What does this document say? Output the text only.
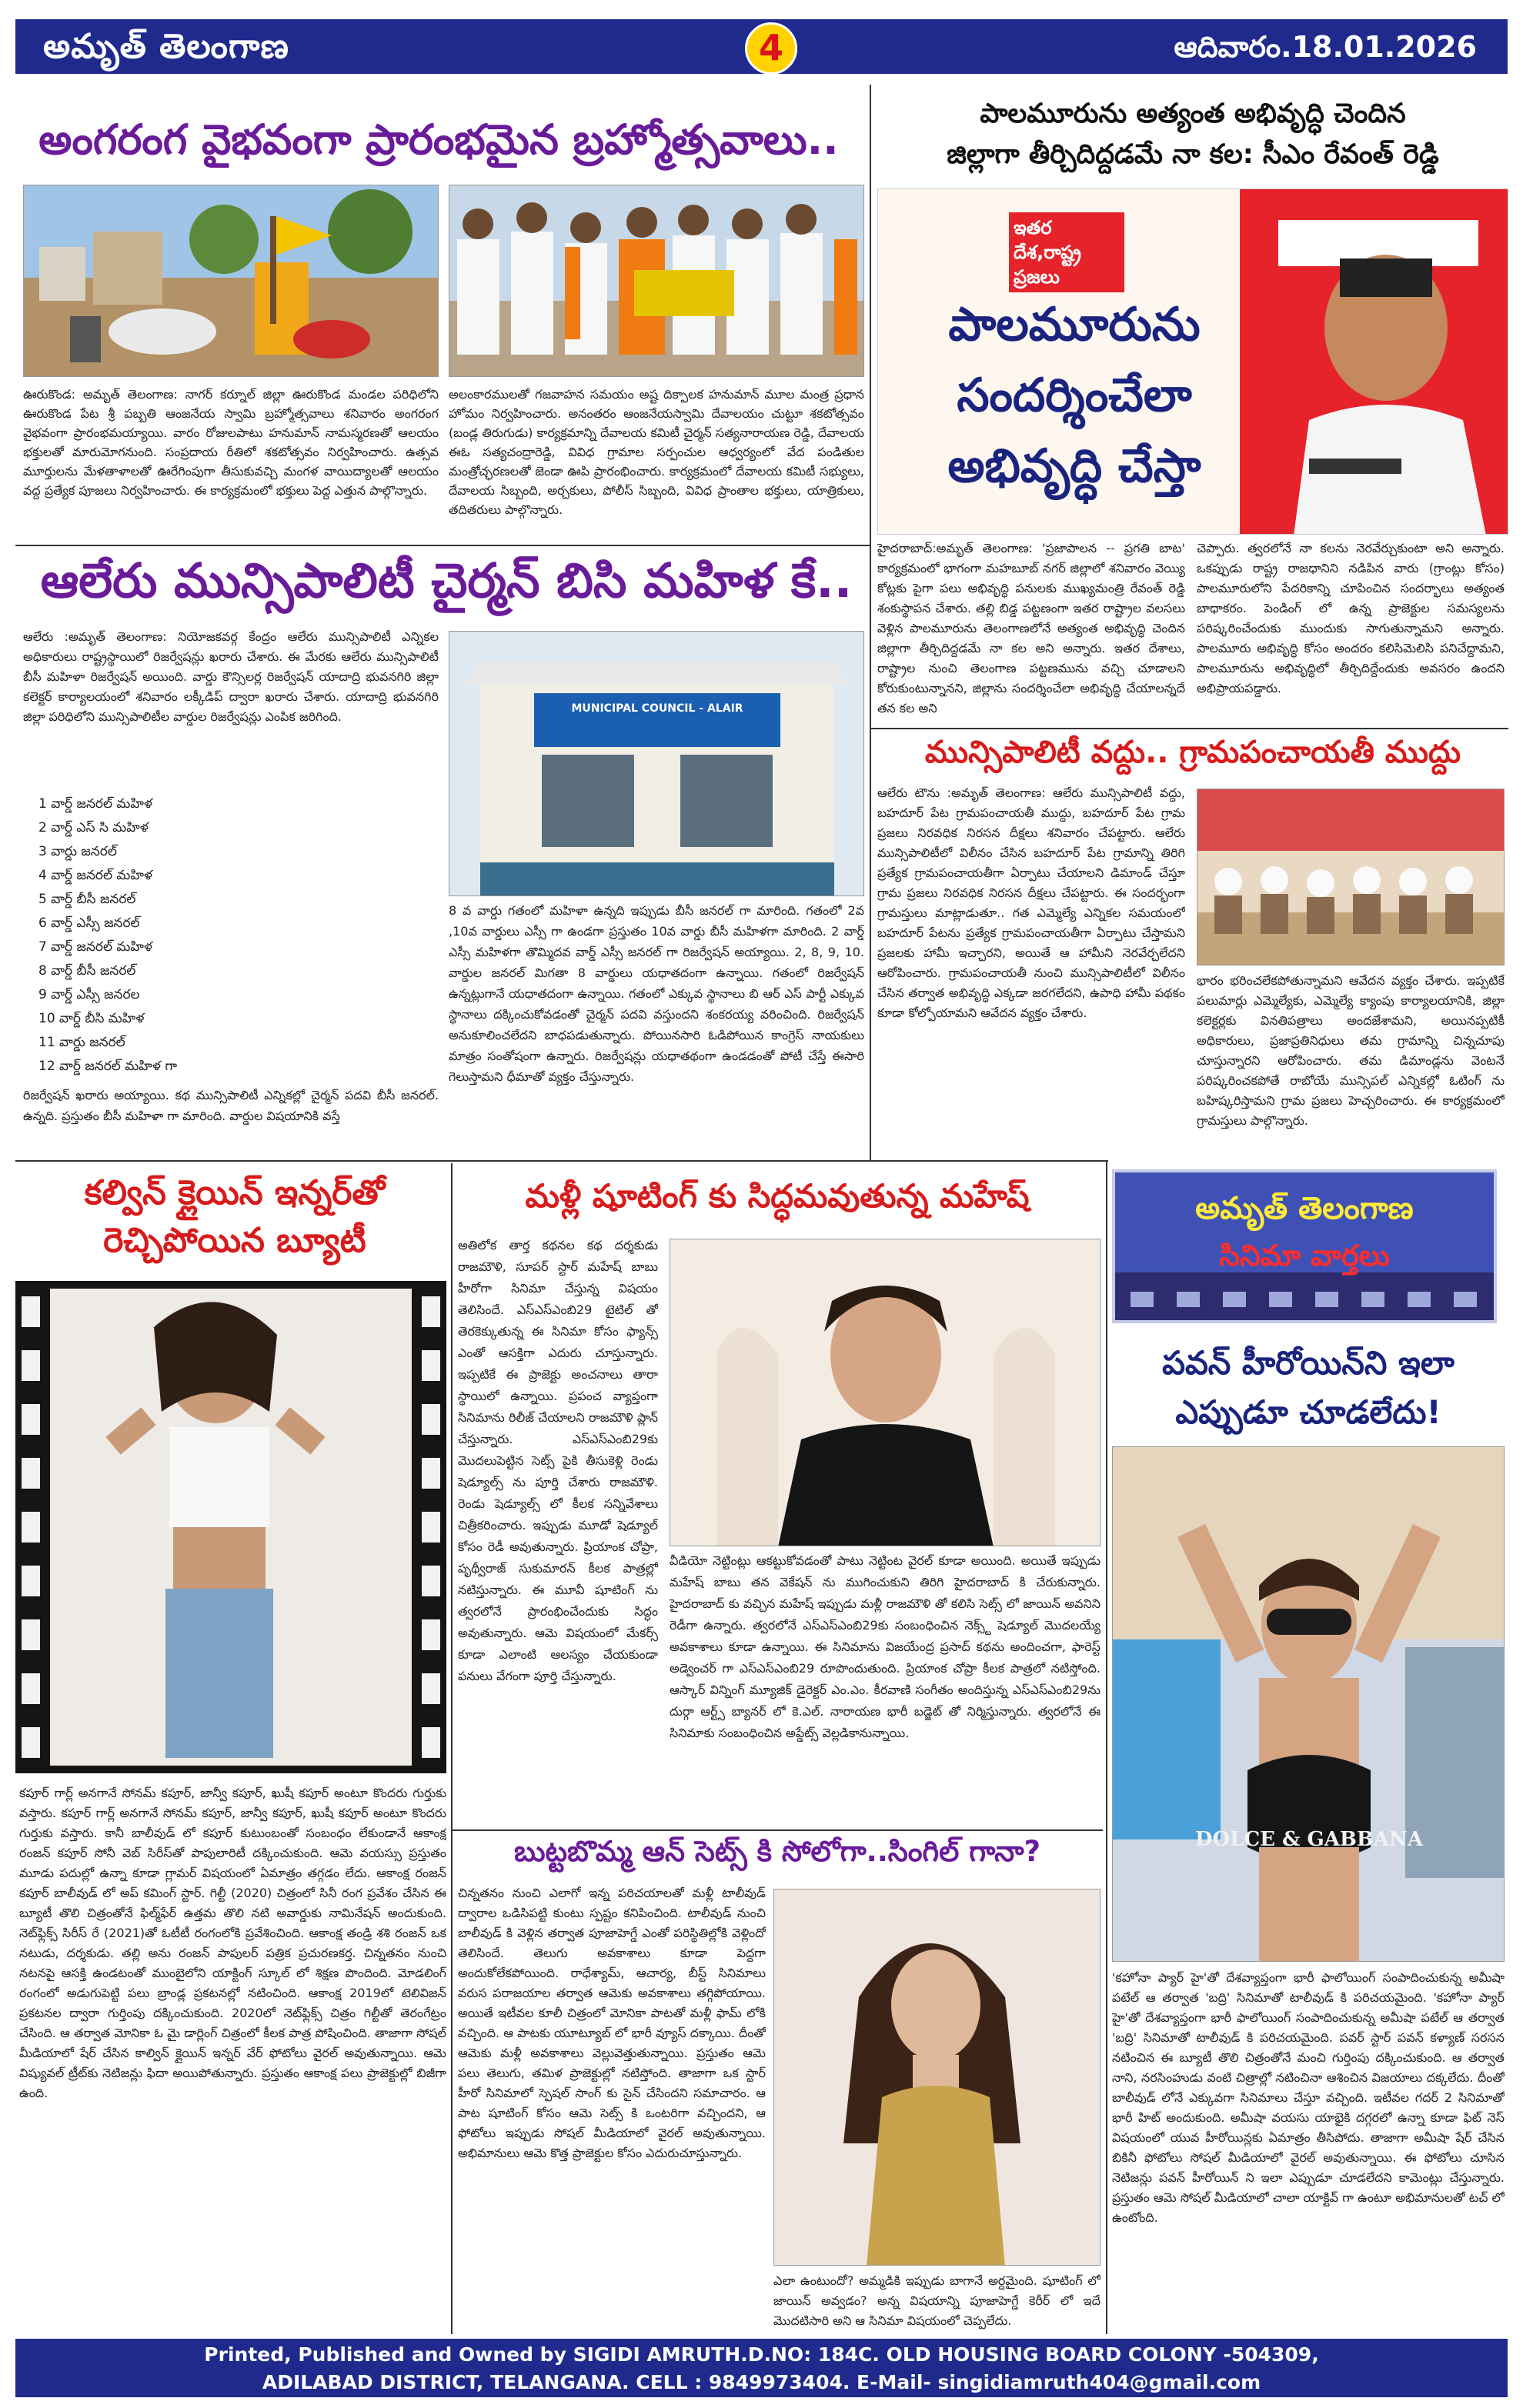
అమృత్ తెలంగాణ	4	ఆదివారం.18.01.2026
అంగరంగ వైభవంగా ప్రారంభమైన బ్రహ్మోత్సవాలు..
ఊరుకొండ: అమృత్ తెలంగాణ: నాగర్ కర్నూల్ జిల్లా ఊరుకొండ మండల పరిధిలోని ఊరుకొండ పేట శ్రీ పబ్బతి ఆంజనేయ స్వామి బ్రహ్మోత్సవాలు శనివారం అంగరంగ వైభవంగా ప్రారంభమయ్యాయి. వారం రోజులపాటు హనుమాన్ నామస్మరణతో ఆలయం భక్తులతో మారుమోగనుంది. సంప్రదాయ రీతిలో శకటోత్సవం నిర్వహించారు. ఉత్సవ మూర్తులను మేళతాళాలతో ఊరేగింపుగా తీసుకువచ్చి మంగళ వాయిద్యాలతో ఆలయం వద్ద ప్రత్యేక పూజలు నిర్వహించారు. ఈ కార్యక్రమంలో భక్తులు పెద్ద ఎత్తున పాల్గొన్నారు.
అలంకారములతో గజవాహన సమయం అష్ట దిక్పాలక హనుమాన్ మూల మంత్ర ప్రధాన హోమం నిర్వహించారు. అనంతరం ఆంజనేయస్వామి దేవాలయం చుట్టూ శకటోత్సవం (బండ్ల తిరుగుడు) కార్యక్రమాన్ని దేవాలయ కమిటీ చైర్మన్ సత్యనారాయణ రెడ్డి, దేవాలయ ఈఓ సత్యచంద్రారెడ్డి, వివిధ గ్రామాల సర్పంచుల ఆధ్వర్యంలో వేద పండితుల మంత్రోచ్ఛరణలతో జెండా ఊపి ప్రారంభించారు. కార్యక్రమంలో దేవాలయ కమిటీ సభ్యులు, దేవాలయ సిబ్బంది, అర్చకులు, పోలీస్ సిబ్బంది, వివిధ ప్రాంతాల భక్తులు, యాత్రికులు, తదితరులు పాల్గొన్నారు.
ఆలేరు మున్సిపాలిటీ చైర్మన్ బిసి మహిళ కే..
ఆలేరు :అమృత్ తెలంగాణ: నియోజకవర్గ కేంద్రం ఆలేరు మున్సిపాలిటీ ఎన్నికల అధికారులు రాష్ట్రస్థాయిలో రిజర్వేషన్లు ఖరారు చేశారు. ఈ మేరకు ఆలేరు మున్సిపాలిటీ బీసీ మహిళా రిజర్వేషన్ అయింది. వార్డు కౌన్సిలర్ల రిజర్వేషన్ యాదాద్రి భువనగిరి జిల్లా కలెక్టర్ కార్యాలయంలో శనివారం లక్కీడిప్ ద్వారా ఖరారు చేశారు. యాదాద్రి భువనగిరి జిల్లా పరిధిలోని మున్సిపాలిటీల వార్డుల రిజర్వేషన్లు ఎంపిక జరిగింది.
1 వార్డ్ జనరల్ మహిళ
2 వార్డ్ ఎస్ సి మహిళ
3 వార్డు జనరల్
4 వార్డ్ జనరల్ మహిళ
5 వార్డ్ బీసీ జనరల్
6 వార్డ్ ఎస్సీ జనరల్
7 వార్డ్ జనరల్ మహిళ
8 వార్డ్ బీసీ జనరల్
9 వార్డ్ ఎస్సీ జనరల
10 వార్డ్ బీసి మహిళ
11 వార్డు జనరల్
12 వార్డ్ జనరల్ మహిళ గా
రిజర్వేషన్ ఖరారు అయ్యాయి. కథ మున్సిపాలిటీ ఎన్నికల్లో చైర్మన్ పదవి బీసీ జనరల్. ఉన్నది. ప్రస్తుతం బీసీ మహిళా గా మారింది. వార్డుల విషయానికి వస్తే
MUNICIPAL COUNCIL - ALAIR
8 వ వార్డు గతంలో మహిళా ఉన్నది ఇప్పుడు బీసీ జనరల్ గా మారింది. గతంలో 2వ ,10వ వార్డులు ఎస్సీ గా ఉండగా ప్రస్తుతం 10వ వార్డు బీసీ మహిళగా మారింది. 2 వార్డ్ ఎస్సీ మహిళగా తొమ్మిదవ వార్డ్ ఎస్సీ జనరల్ గా రిజర్వేషన్ అయ్యాయి. 2, 8, 9, 10. వార్డుల జనరల్ మిగతా 8 వార్డులు యధాతదంగా ఉన్నాయి. గతంలో రిజర్వేషన్ ఉన్నట్లుగానే యధాతదంగా ఉన్నాయి. గతంలో ఎక్కువ స్థానాలు బి ఆర్ ఎస్ పార్టీ ఎక్కువ స్థానాలు దక్కించుకోవడంతో చైర్మన్ పదవి వస్తుందని శంకరయ్య వరించింది. రిజర్వేషన్ అనుకూలించలేదని బాధపడుతున్నారు. పోయినసారి ఓడిపోయిన కాంగ్రెస్ నాయకులు మాత్రం సంతోషంగా ఉన్నారు. రిజర్వేషన్లు యధాతథంగా ఉండడంతో పోటీ చేస్తే ఈసారి గెలుస్తామని ధీమాతో వ్యక్తం చేస్తున్నారు.
పాలమూరును అత్యంత అభివృద్ధి చెందిన
జిల్లాగా తీర్చిదిద్దడమే నా కల: సీఎం రేవంత్ రెడ్డి
ఇతర దేశ,రాష్ట్ర
ప్రజలు
పాలమూరును
సందర్శించేలా
అభివృద్ధి చేస్తా
హైదరాబాద్:అమృత్ తెలంగాణ: 'ప్రజాపాలన -- ప్రగతి బాట' కార్యక్రమంలో భాగంగా మహబూబ్ నగర్ జిల్లాలో శనివారం వెయ్యి కోట్లకు పైగా పలు అభివృద్ధి పనులకు ముఖ్యమంత్రి రేవంత్ రెడ్డి శంకుస్థాపన చేశారు. తల్లి బిడ్డ పట్టణంగా ఇతర రాష్ట్రాల వలసలు వెళ్లిన పాలమూరును తెలంగాణలోనే అత్యంత అభివృద్ధి చెందిన జిల్లాగా తీర్చిదిద్దడమే నా కల అని అన్నారు. ఇతర దేశాలు, రాష్ట్రాల నుంచి తెలంగాణ పట్టణమును వచ్చి చూడాలని కోరుకుంటున్నానని, జిల్లాను సందర్శించేలా అభివృద్ధి చేయాలన్నదే తన కల అని
చెప్పారు. త్వరలోనే నా కలను నెరవేర్చుకుంటా అని అన్నారు. ఒకప్పుడు రాష్ట్ర రాజధానిని నడిపిన వారు (గ్రాంట్లు కోసం) పాలమూరులోని పేదరికాన్ని చూపించిన సందర్భాలు అత్యంత బాధాకరం. పెండింగ్ లో ఉన్న ప్రాజెక్టుల సమస్యలను పరిష్కరించేందుకు ముందుకు సాగుతున్నామని అన్నారు. పాలమూరు అభివృద్ధి కోసం అందరం కలిసిమెలిసి పనిచేద్దామని, పాలమూరును అభివృద్ధిలో తీర్చిదిద్దేందుకు అవసరం ఉందని అభిప్రాయపడ్డారు.
మున్సిపాలిటీ వద్దు.. గ్రామపంచాయతీ ముద్దు
ఆలేరు టౌను :అమృత్ తెలంగాణ: ఆలేరు మున్సిపాలిటీ వద్దు, బహదూర్ పేట గ్రామపంచాయతీ ముద్దు, బహదూర్ పేట గ్రామ ప్రజలు నిరవధిక నిరసన దీక్షలు శనివారం చేపట్టారు. ఆలేరు మున్సిపాలిటీలో విలీనం చేసిన బహదూర్ పేట గ్రామాన్ని తిరిగి ప్రత్యేక గ్రామపంచాయతీగా ఏర్పాటు చేయాలని డిమాండ్ చేస్తూ గ్రామ ప్రజలు నిరవధిక నిరసన దీక్షలు చేపట్టారు. ఈ సందర్భంగా గ్రామస్తులు మాట్లాడుతూ.. గత ఎమ్మెల్యే ఎన్నికల సమయంలో బహదూర్ పేటను ప్రత్యేక గ్రామపంచాయతీగా ఏర్పాటు చేస్తామని ప్రజలకు హామీ ఇచ్చారని, అయితే ఆ హామీని నెరవేర్చలేదని ఆరోపించారు. గ్రామపంచాయతీ నుంచి మున్సిపాలిటీలో విలీనం చేసిన తర్వాత అభివృద్ధి ఎక్కడా జరగలేదని, ఉపాధి హామీ పథకం కూడా కోల్పోయామని ఆవేదన వ్యక్తం చేశారు.
భారం భరించలేకపోతున్నామని ఆవేదన వ్యక్తం చేశారు. ఇప్పటికే పలుమార్లు ఎమ్మెల్యేకు, ఎమ్మెల్యే క్యాంపు కార్యాలయానికి, జిల్లా కలెక్టర్లకు వినతిపత్రాలు అందజేశామని, అయినప్పటికీ అధికారులు, ప్రజాప్రతినిధులు తమ గ్రామాన్ని చిన్నచూపు చూస్తున్నారని ఆరోపించారు. తమ డిమాండ్లను వెంటనే పరిష్కరించకపోతే రాబోయే మున్సిపల్ ఎన్నికల్లో ఓటింగ్ ను బహిష్కరిస్తామని గ్రామ ప్రజలు హెచ్చరించారు. ఈ కార్యక్రమంలో గ్రామస్తులు పాల్గొన్నారు.
కల్విన్ క్లైయిన్ ఇన్నర్‌తో
రెచ్చిపోయిన బ్యూటీ
కపూర్ గార్ల్ అనగానే సోనమ్ కపూర్, జాన్వీ కపూర్, ఖుషీ కపూర్ అంటూ కొందరు గుర్తుకు వస్తారు. కపూర్ గార్ల్ అనగానే సోనమ్ కపూర్, జాన్వీ కపూర్, ఖుషీ కపూర్ అంటూ కొందరు గుర్తుకు వస్తారు. కానీ బాలీవుడ్ లో కపూర్ కుటుంబంతో సంబంధం లేకుండానే ఆకాంక్ష రంజన్ కపూర్ సోనీ వెబ్ సిరీస్‌తో పాపులారిటీ దక్కించుకుంది. ఆమె వయస్సు ప్రస్తుతం మూడు పదుల్లో ఉన్నా కూడా గ్లామర్ విషయంలో ఏమాత్రం తగ్గడం లేదు. ఆకాంక్ష రంజన్ కపూర్ బాలీవుడ్ లో అప్ కమింగ్ స్టార్. గిల్టీ (2020) చిత్రంలో సినీ రంగ ప్రవేశం చేసిన ఈ బ్యూటీ తొలి చిత్రంతోనే ఫిల్మ్‌ఫేర్ ఉత్తమ తొలి నటి అవార్డుకు నామినేషన్ అందుకుంది. నెట్‌ఫ్లిక్స్ సిరీస్ రే (2021)తో ఓటీటీ రంగంలోకి ప్రవేశించింది. ఆకాంక్ష తండ్రి శశి రంజన్ ఒక నటుడు, దర్శకుడు. తల్లి అను రంజన్ పాపులర్ పత్రిక ప్రచురణకర్త. చిన్నతనం నుంచి నటనపై ఆసక్తి ఉండటంతో ముంబైలోని యాక్టింగ్ స్కూల్ లో శిక్షణ పొందింది. మోడలింగ్ రంగంలో అడుగుపెట్టి పలు బ్రాండ్ల ప్రకటనల్లో నటించింది. ఆకాంక్ష 2019లో టెలివిజన్ ప్రకటనల ద్వారా గుర్తింపు దక్కించుకుంది. 2020లో నెట్‌ఫ్లిక్స్ చిత్రం గిల్టీతో తెరంగేట్రం చేసింది. ఆ తర్వాత మోనికా ఓ మై డార్లింగ్ చిత్రంలో కీలక పాత్ర పోషించింది. తాజాగా సోషల్ మీడియాలో షేర్ చేసిన కాల్విన్ క్లైయిన్ ఇన్నర్ వేర్ ఫోటోలు వైరల్ అవుతున్నాయి. ఆమె విష్యువల్ ట్రీట్‌కు నెటిజన్లు ఫిదా అయిపోతున్నారు. ప్రస్తుతం ఆకాంక్ష పలు ప్రాజెక్టుల్లో బిజీగా ఉంది.
మళ్లీ షూటింగ్ కు సిద్ధమవుతున్న మహేష్
అతిలోక తార్త కథనల కథ దర్శకుడు రాజమౌళి, సూపర్ స్టార్ మహేష్ బాబు హీరోగా సినిమా చేస్తున్న విషయం తెలిసిందే. ఎస్ఎస్ఎంబి29 టైటిల్ తో తెరకెక్కుతున్న ఈ సినిమా కోసం ఫ్యాన్స్ ఎంతో ఆసక్తిగా ఎదురు చూస్తున్నారు. ఇప్పటికే ఈ ప్రాజెక్టు అంచనాలు తారా స్థాయిలో ఉన్నాయి. ప్రపంచ వ్యాప్తంగా సినిమాను రిలీజ్ చేయాలని రాజమౌళి ప్లాన్ చేస్తున్నారు. ఎస్ఎస్ఎంబి29కు మొదలుపెట్టిన సెట్స్ పైకి తీసుకెళ్లి రెండు షెడ్యూల్స్ ను పూర్తి చేశారు రాజమౌళి. రెండు షెడ్యూల్స్ లో కీలక సన్నివేశాలు చిత్రీకరించారు. ఇప్పుడు మూడో షెడ్యూల్ కోసం రెడీ అవుతున్నారు. ప్రియాంక చోప్రా, పృథ్వీరాజ్ సుకుమారన్ కీలక పాత్రల్లో నటిస్తున్నారు. ఈ మూవీ షూటింగ్ ను త్వరలోనే ప్రారంభించేందుకు సిద్ధం అవుతున్నారు. ఆమె విషయంలో మేకర్స్ కూడా ఎలాంటి ఆలస్యం చేయకుండా పనులు వేగంగా పూర్తి చేస్తున్నారు.
వీడియో నెట్టింట్లు ఆకట్టుకోవడంతో పాటు నెట్టింట వైరల్ కూడా అయింది. అయితే ఇప్పుడు మహేష్ బాబు తన వెకేషన్ ను ముగించుకుని తిరిగి హైదరాబాద్ కి చేరుకున్నారు. హైదరాబాద్ కు వచ్చిన మహేష్ ఇప్పుడు మళ్లీ రాజమౌళి తో కలిసి సెట్స్ లో జాయిన్ అవనిని రెడీగా ఉన్నారు. త్వరలోనే ఎస్ఎస్ఎంబి29కు సంబంధించిన నెక్స్ట్ షెడ్యూల్ మొదలయ్యే అవకాశాలు కూడా ఉన్నాయి. ఈ సినిమాను విజయేంద్ర ప్రసాద్ కథను అందించగా, ఫారెస్ట్ అడ్వెంచర్ గా ఎస్ఎస్ఎంబి29 రూపొందుతుంది. ప్రియాంక చోప్రా కీలక పాత్రలో నటిస్తోంది. ఆస్కార్ విన్నింగ్ మ్యూజిక్ డైరెక్టర్ ఎం.ఎం. కీరవాణి సంగీతం అందిస్తున్న ఎస్ఎస్ఎంబి29ను దుర్గా ఆర్ట్స్ బ్యానర్ లో కె.ఎల్. నారాయణ భారీ బడ్జెట్ తో నిర్మిస్తున్నారు. త్వరలోనే ఈ సినిమాకు సంబంధించిన అప్డేట్స్ వెల్లడికానున్నాయి.
బుట్టబొమ్మ ఆన్ సెట్స్ కి సోలోగా..సింగిల్ గానా?
చిన్నతనం నుంచి ఎలాగో ఇన్న పరిచయాలతో మళ్లీ టాలీవుడ్ ద్వారాల ఒడిసిపట్టి కుంటు స్పష్టం కనిపించింది. టాలీవుడ్ నుంచి బాలీవుడ్ కి వెళ్లిన తర్వాత పూజాహెగ్డే ఎంతో పరిస్థితిల్లోకి వెళ్లిందో తెలిసిందే. తెలుగు అవకాశాలు కూడా పెద్దగా అందుకోలేకపోయింది. రాధేశ్యామ్, ఆచార్య, బీస్ట్ సినిమాలు వరుస పరాజయాల తర్వాత ఆమెకు అవకాశాలు తగ్గిపోయాయి. అయితే ఇటీవల కూలీ చిత్రంలో మోనికా పాటతో మళ్లీ ఫామ్ లోకి వచ్చింది. ఆ పాటకు యూట్యూబ్ లో భారీ వ్యూస్ దక్కాయి. దీంతో ఆమెకు మళ్లీ అవకాశాలు వెల్లువెత్తుతున్నాయి. ప్రస్తుతం ఆమె పలు తెలుగు, తమిళ ప్రాజెక్టుల్లో నటిస్తోంది. తాజాగా ఒక స్టార్ హీరో సినిమాలో స్పెషల్ సాంగ్ కు సైన్ చేసిందని సమాచారం. ఆ పాట షూటింగ్ కోసం ఆమె సెట్స్ కి ఒంటరిగా వచ్చిందని, ఆ ఫోటోలు ఇప్పుడు సోషల్ మీడియాలో వైరల్ అవుతున్నాయి. అభిమానులు ఆమె కొత్త ప్రాజెక్టుల కోసం ఎదురుచూస్తున్నారు.
ఎలా ఉంటుందో? అమ్మడికి ఇప్పుడు బాగానే అర్దమైంది. షూటింగ్ లో జాయిన్ అవ్వడం? అన్న విషయాన్ని పూజాహెగ్డే కెరీర్ లో ఇదే మొదటిసారి అని ఆ సినిమా విషయంలో చెప్పలేదు.
అమృత్ తెలంగాణ
సినిమా వార్తలు
పవన్ హీరోయిన్‌ని ఇలా
ఎప్పుడూ చూడలేదు!
DOLCE & GABBANA
'కహోనా ప్యార్ హై'తో దేశవ్యాప్తంగా భారీ ఫాలోయింగ్ సంపాదించుకున్న అమీషా పటేల్ ఆ తర్వాత 'బద్రి' సినిమాతో టాలీవుడ్ కి పరిచయమైంది. 'కహోనా ప్యార్ హై'తో దేశవ్యాప్తంగా భారీ ఫాలోయింగ్ సంపాదించుకున్న అమీషా పటేల్ ఆ తర్వాత 'బద్రి' సినిమాతో టాలీవుడ్ కి పరిచయమైంది. పవర్ స్టార్ పవన్ కళ్యాణ్ సరసన నటించిన ఈ బ్యూటీ తొలి చిత్రంతోనే మంచి గుర్తింపు దక్కించుకుంది. ఆ తర్వాత నాని, నరసింహుడు వంటి చిత్రాల్లో నటించినా ఆశించిన విజయాలు దక్కలేదు. దీంతో బాలీవుడ్ లోనే ఎక్కువగా సినిమాలు చేస్తూ వచ్చింది. ఇటీవల గదర్ 2 సినిమాతో భారీ హిట్ అందుకుంది. అమీషా వయసు యాభైకి దగ్గరలో ఉన్నా కూడా ఫిట్ నెస్ విషయంలో యువ హీరోయిన్లకు ఏమాత్రం తీసిపోదు. తాజాగా అమీషా షేర్ చేసిన బికినీ ఫోటోలు సోషల్ మీడియాలో వైరల్ అవుతున్నాయి. ఈ ఫోటోలు చూసిన నెటిజన్లు పవన్ హీరోయిన్ ని ఇలా ఎప్పుడూ చూడలేదని కామెంట్లు చేస్తున్నారు. ప్రస్తుతం ఆమె సోషల్ మీడియాలో చాలా యాక్టివ్ గా ఉంటూ అభిమానులతో టచ్ లో ఉంటోంది.
Printed, Published and Owned by SIGIDI AMRUTH.D.NO: 184C. OLD HOUSING BOARD COLONY -504309,
ADILABAD DISTRICT, TELANGANA. CELL : 9849973404. E-Mail- singidiamruth404@gmail.com
